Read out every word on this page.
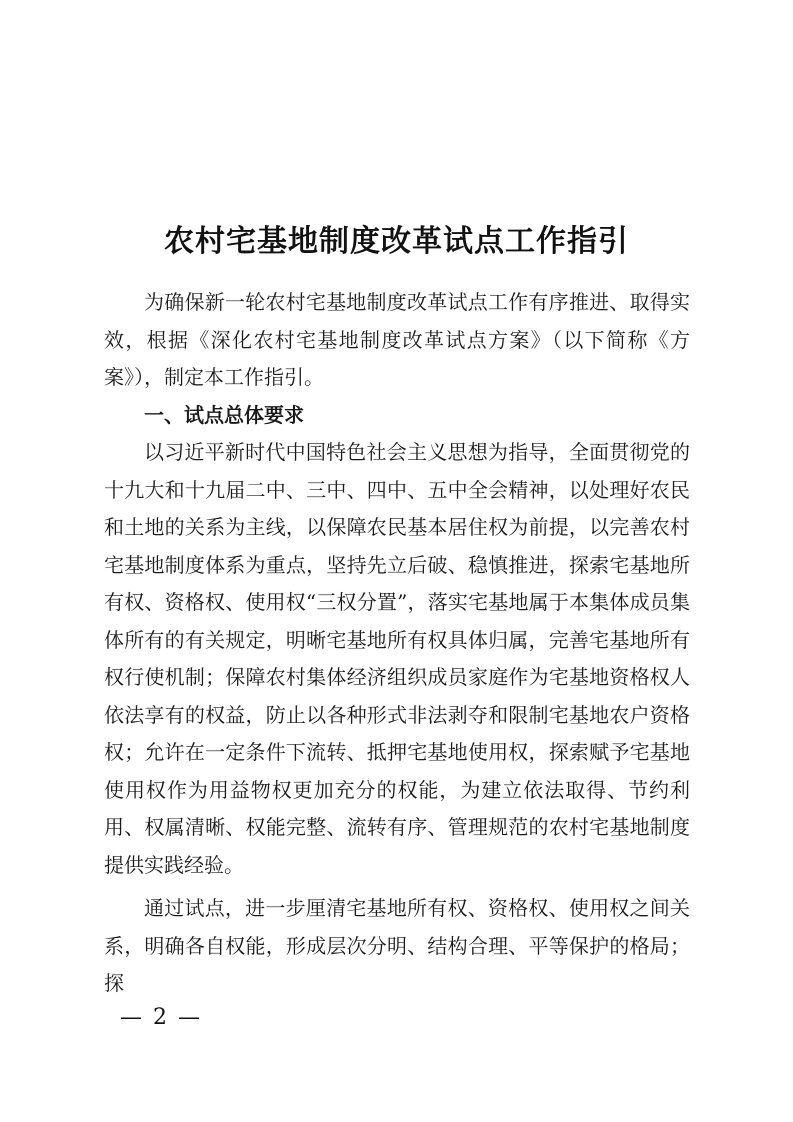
农村宅基地制度改革试点工作指引

为确保新一轮农村宅基地制度改革试点工作有序推进、取得实效，根据《深化农村宅基地制度改革试点方案》（以下简称《方案》），制定本工作指引。

一、试点总体要求

以习近平新时代中国特色社会主义思想为指导，全面贯彻党的十九大和十九届二中、三中、四中、五中全会精神，以处理好农民和土地的关系为主线，以保障农民基本居住权为前提，以完善农村宅基地制度体系为重点，坚持先立后破、稳慎推进，探索宅基地所有权、资格权、使用权“三权分置”，落实宅基地属于本集体成员集体所有的有关规定，明晰宅基地所有权具体归属，完善宅基地所有权行使机制；保障农村集体经济组织成员家庭作为宅基地资格权人依法享有的权益，防止以各种形式非法剥夺和限制宅基地农户资格权；允许在一定条件下流转、抵押宅基地使用权，探索赋予宅基地使用权作为用益物权更加充分的权能，为建立依法取得、节约利用、权属清晰、权能完整、流转有序、管理规范的农村宅基地制度提供实践经验。

通过试点，进一步厘清宅基地所有权、资格权、使用权之间关系，明确各自权能，形成层次分明、结构合理、平等保护的格局；探

— 2 —
